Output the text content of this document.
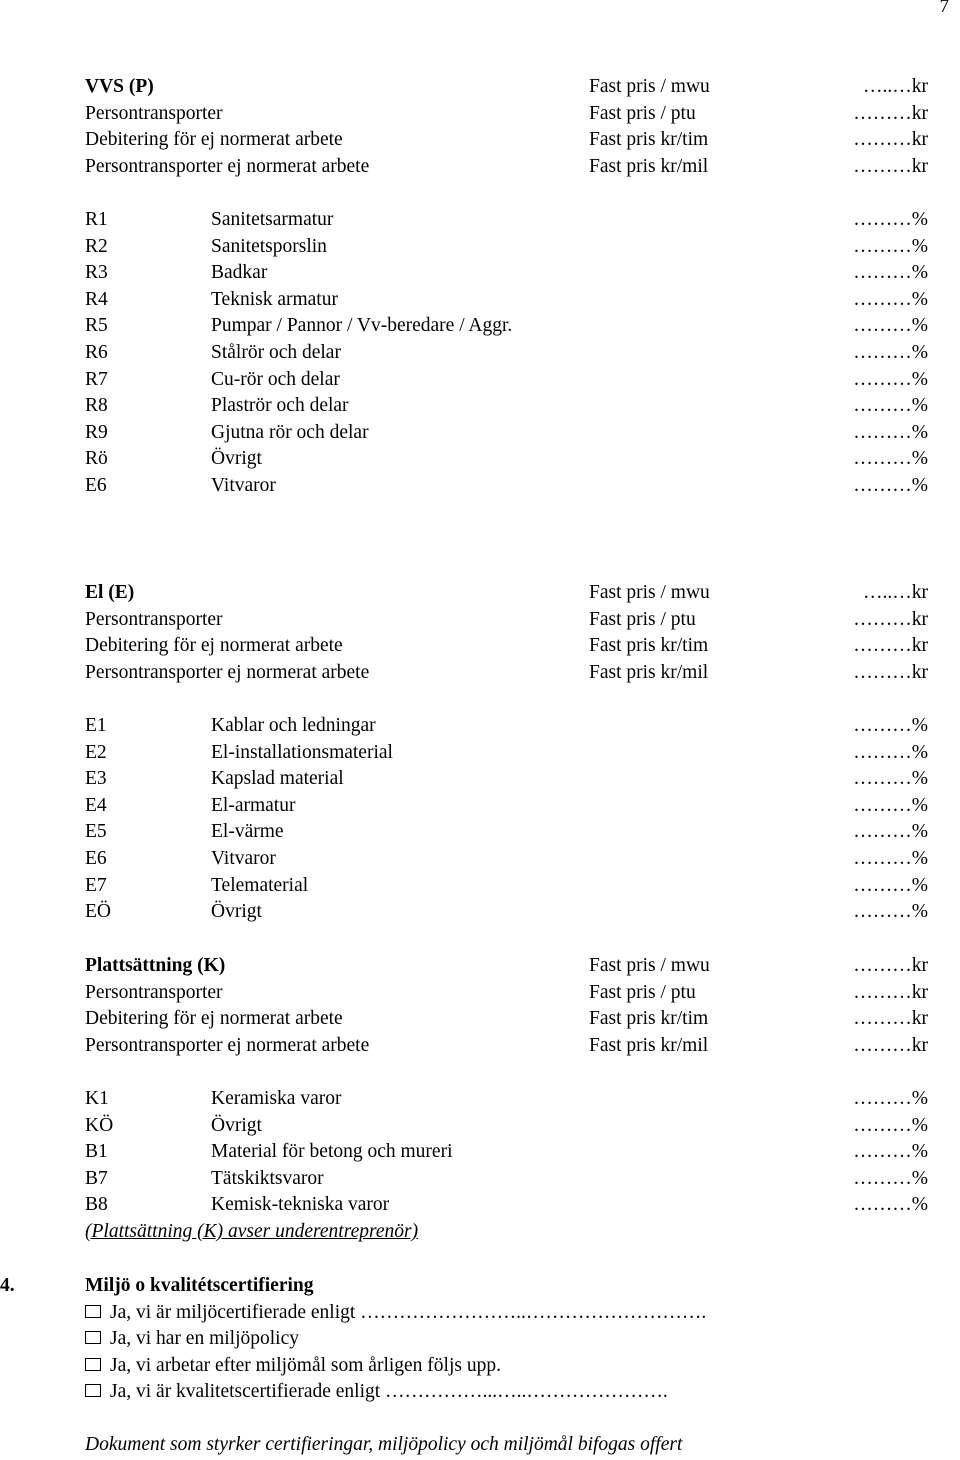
7
VVS (P)	Fast pris / mwu	…..…kr
Persontransporter	Fast pris / ptu	………kr
Debitering för ej normerat arbete	Fast pris kr/tim	………kr
Persontransporter ej normerat arbete	Fast pris kr/mil	………kr
R1	Sanitetsarmatur	………%
R2	Sanitetsporslin	………%
R3	Badkar	………%
R4	Teknisk armatur	………%
R5	Pumpar / Pannor / Vv-beredare / Aggr.	………%
R6	Stålrör och delar	………%
R7	Cu-rör och delar	………%
R8	Plaströr och delar	………%
R9	Gjutna rör och delar	………%
Rö	Övrigt	………%
E6	Vitvaror	………%
El (E)	Fast pris / mwu	…..…kr
Persontransporter	Fast pris / ptu	………kr
Debitering för ej normerat arbete	Fast pris kr/tim	………kr
Persontransporter ej normerat arbete	Fast pris kr/mil	………kr
E1	Kablar och ledningar	………%
E2	El-installationsmaterial	………%
E3	Kapslad material	………%
E4	El-armatur	………%
E5	El-värme	………%
E6	Vitvaror	………%
E7	Telematerial	………%
EÖ	Övrigt	………%
Plattsättning (K)	Fast pris / mwu	………kr
Persontransporter	Fast pris / ptu	………kr
Debitering för ej normerat arbete	Fast pris kr/tim	………kr
Persontransporter ej normerat arbete	Fast pris kr/mil	………kr
K1	Keramiska varor	………%
KÖ	Övrigt	………%
B1	Material för betong och mureri	………%
B7	Tätskiktsvaror	………%
B8	Kemisk-tekniska varor	………%
(Plattsättning (K) avser underentreprenör)
4.	Miljö o kvalitétscertifiering
Ja, vi är miljöcertifierade enligt ……………………..……………………….
Ja, vi har en miljöpolicy
Ja, vi arbetar efter miljömål som årligen följs upp.
Ja, vi är kvalitetscertifierade enligt ……………...…..………………….
Dokument som styrker certifieringar, miljöpolicy och miljömål bifogas offert
